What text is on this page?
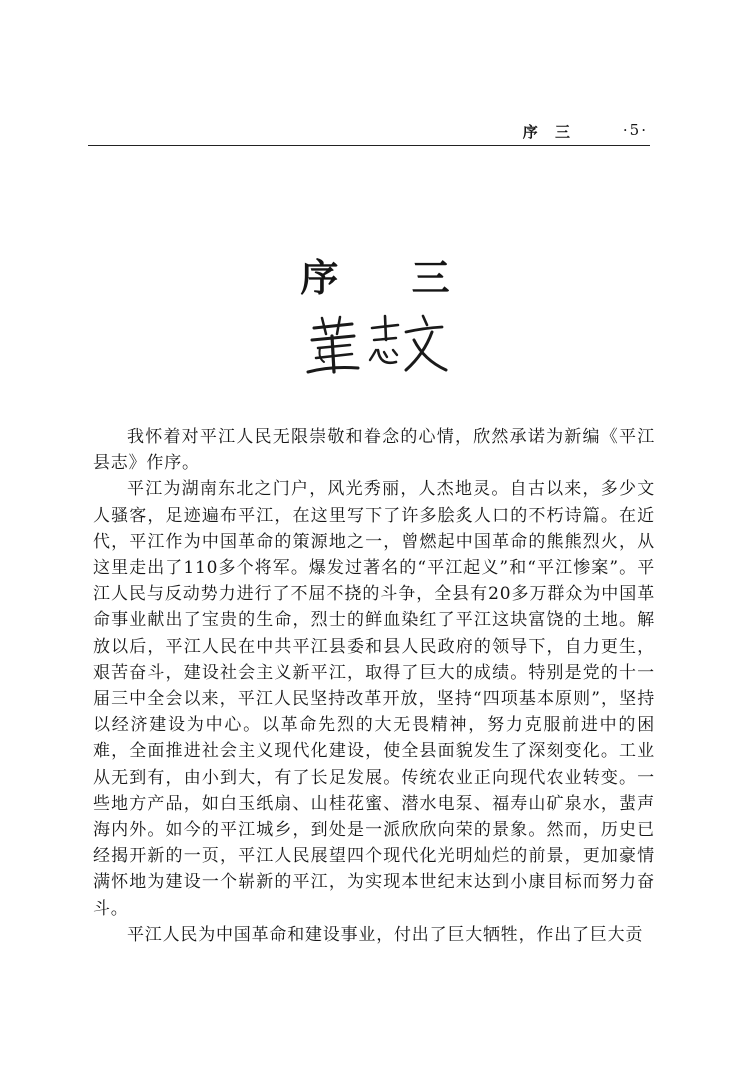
序 三	·5·
序 三

我怀着对平江人民无限崇敬和眷念的心情，欣然承诺为新编《平江县志》作序。

平江为湖南东北之门户，风光秀丽，人杰地灵。自古以来，多少文人骚客，足迹遍布平江，在这里写下了许多脍炙人口的不朽诗篇。在近代，平江作为中国革命的策源地之一，曾燃起中国革命的熊熊烈火，从这里走出了110多个将军。爆发过著名的“平江起义”和“平江惨案”。平江人民与反动势力进行了不屈不挠的斗争，全县有20多万群众为中国革命事业献出了宝贵的生命，烈士的鲜血染红了平江这块富饶的土地。解放以后，平江人民在中共平江县委和县人民政府的领导下，自力更生，艰苦奋斗，建设社会主义新平江，取得了巨大的成绩。特别是党的十一届三中全会以来，平江人民坚持改革开放，坚持“四项基本原则”，坚持以经济建设为中心。以革命先烈的大无畏精神，努力克服前进中的困难，全面推进社会主义现代化建设，使全县面貌发生了深刻变化。工业从无到有，由小到大，有了长足发展。传统农业正向现代农业转变。一些地方产品，如白玉纸扇、山桂花蜜、潜水电泵、福寿山矿泉水，蜚声海内外。如今的平江城乡，到处是一派欣欣向荣的景象。然而，历史已经揭开新的一页，平江人民展望四个现代化光明灿烂的前景，更加豪情满怀地为建设一个崭新的平江，为实现本世纪末达到小康目标而努力奋斗。

平江人民为中国革命和建设事业，付出了巨大牺牲，作出了巨大贡
